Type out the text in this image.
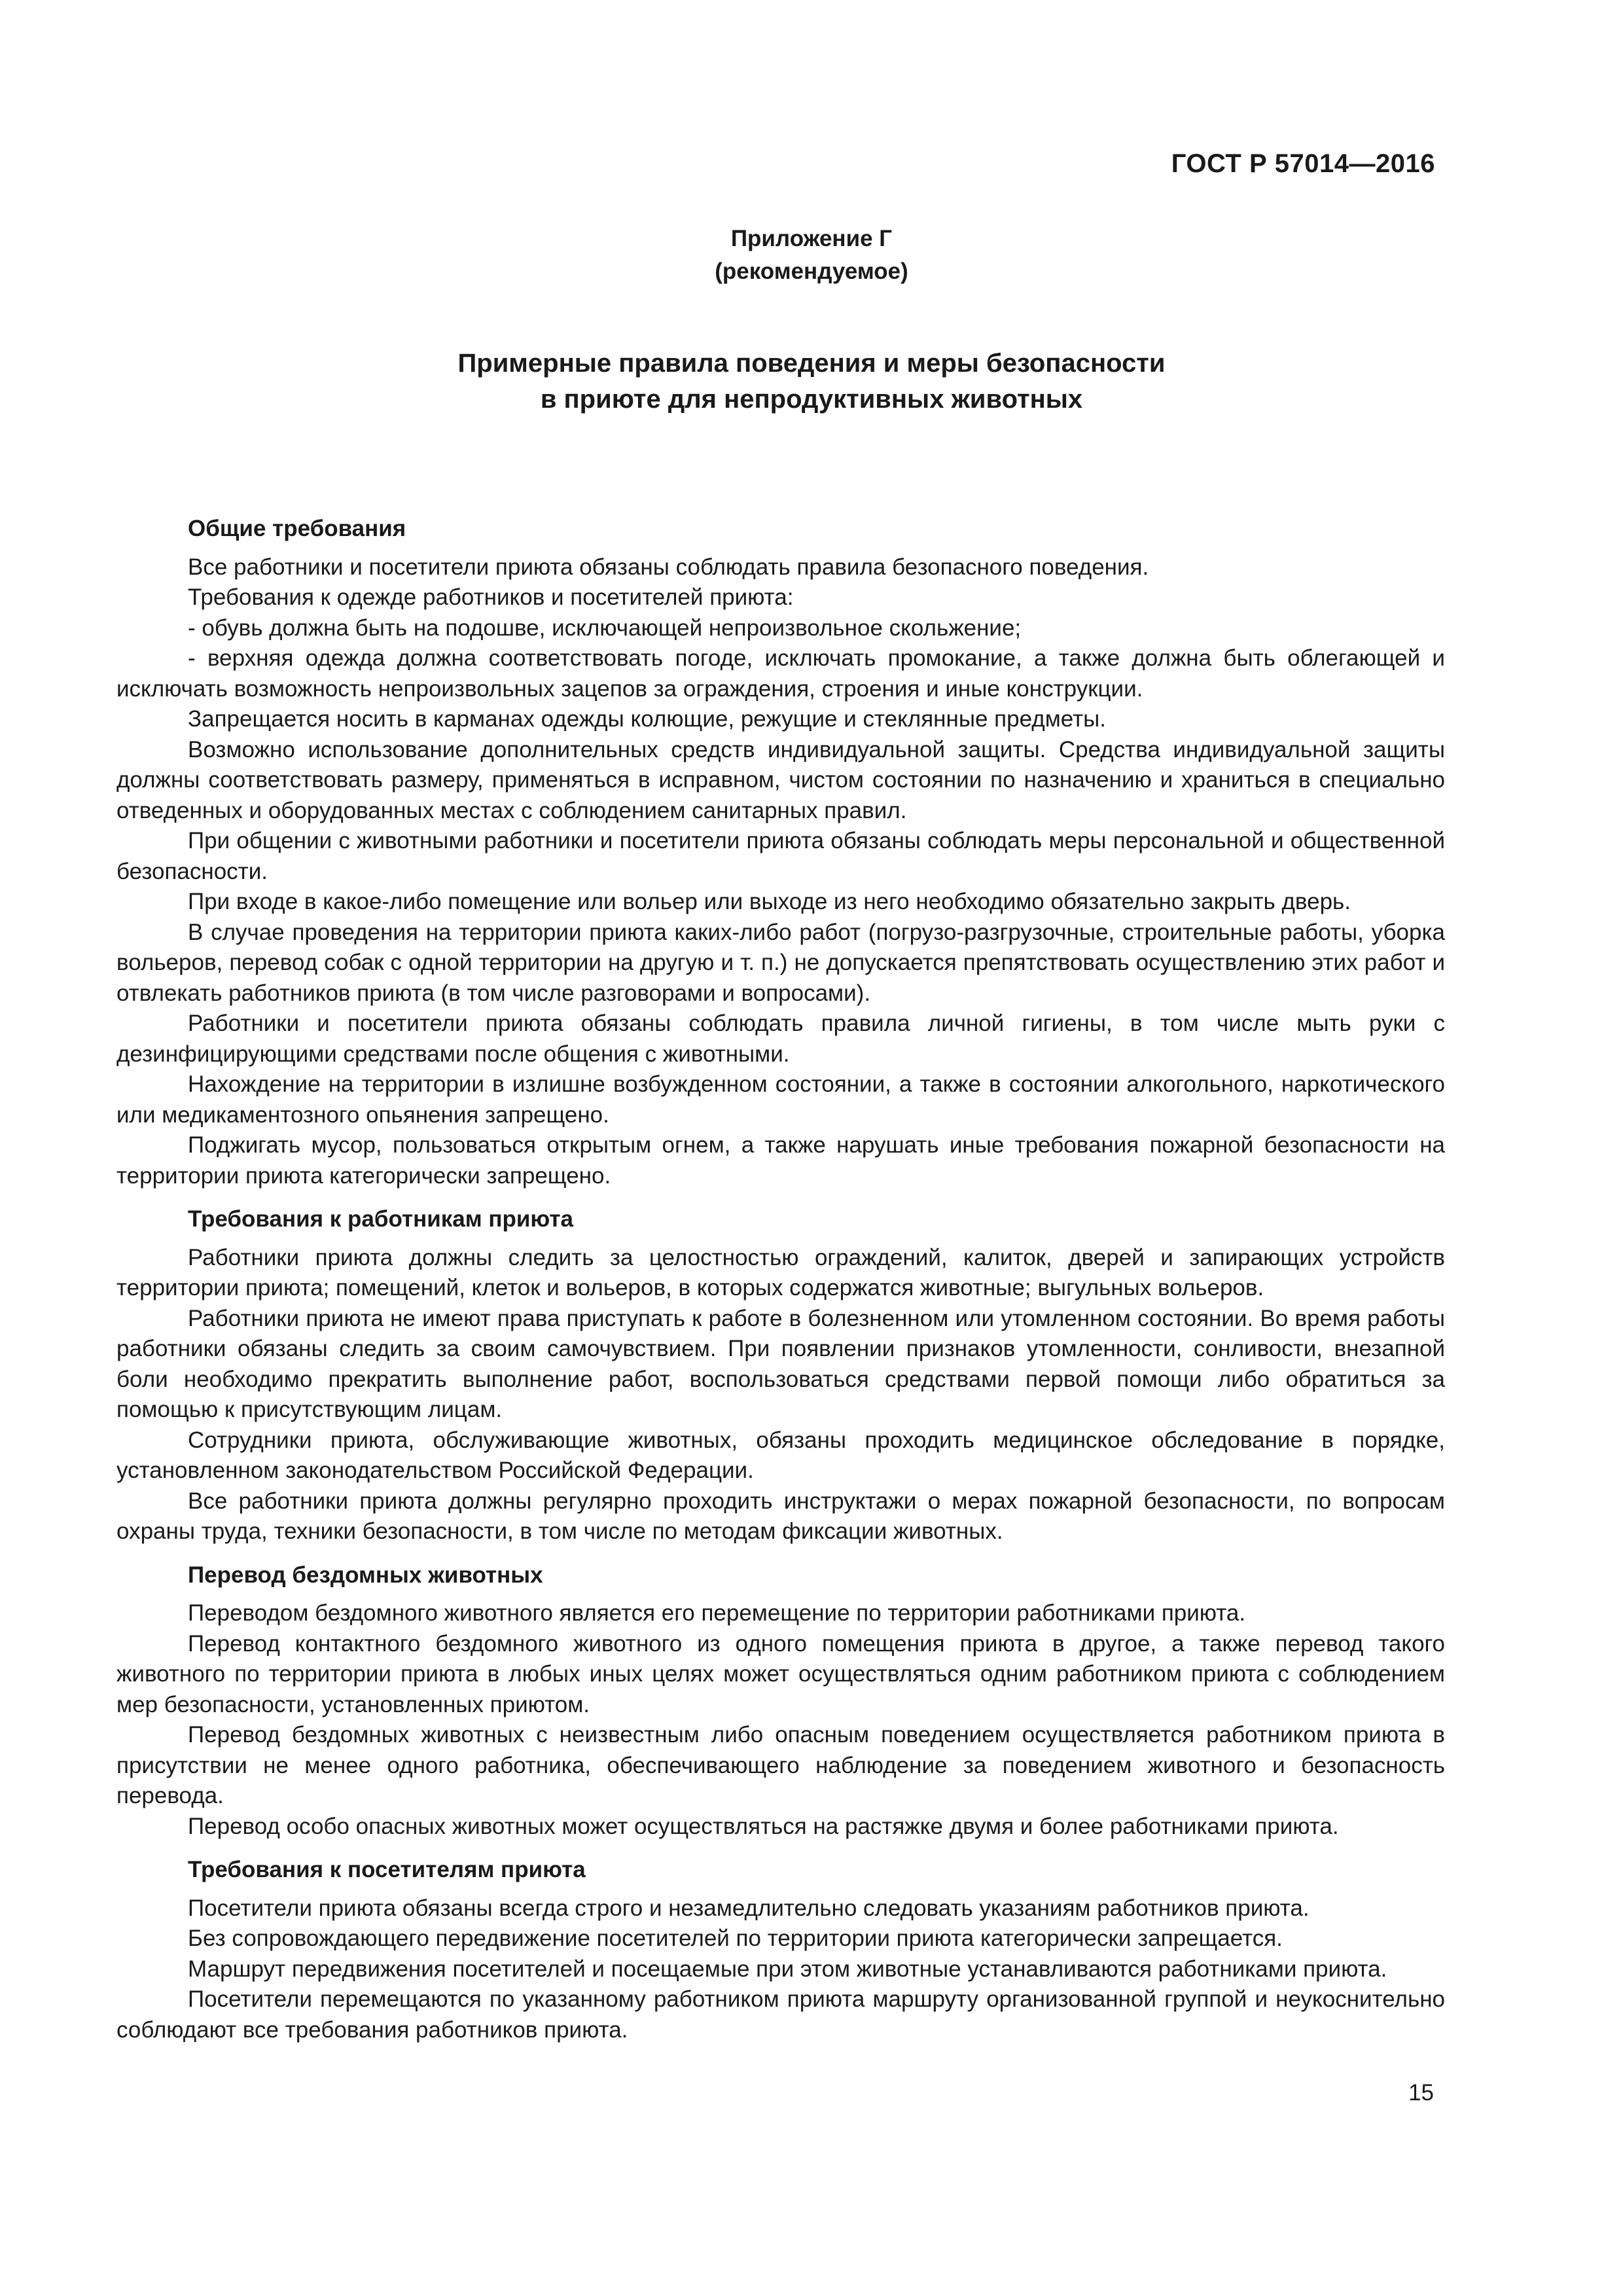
ГОСТ Р 57014—2016
Приложение Г
(рекомендуемое)
Примерные правила поведения и меры безопасности
в приюте для непродуктивных животных

Общие требования

Все работники и посетители приюта обязаны соблюдать правила безопасного поведения.

Требования к одежде работников и посетителей приюта:

- обувь должна быть на подошве, исключающей непроизвольное скольжение;

- верхняя одежда должна соответствовать погоде, исключать промокание, а также должна быть облегающей и исключать возможность непроизвольных зацепов за ограждения, строения и иные конструкции.

Запрещается носить в карманах одежды колющие, режущие и стеклянные предметы.

Возможно использование дополнительных средств индивидуальной защиты. Средства индивидуальной защиты должны соответствовать размеру, применяться в исправном, чистом состоянии по назначению и храниться в специально отведенных и оборудованных местах с соблюдением санитарных правил.

При общении с животными работники и посетители приюта обязаны соблюдать меры персональной и общественной безопасности.

При входе в какое-либо помещение или вольер или выходе из него необходимо обязательно закрыть дверь.

В случае проведения на территории приюта каких-либо работ (погрузо-разгрузочные, строительные работы, уборка вольеров, перевод собак с одной территории на другую и т. п.) не допускается препятствовать осуществлению этих работ и отвлекать работников приюта (в том числе разговорами и вопросами).

Работники и посетители приюта обязаны соблюдать правила личной гигиены, в том числе мыть руки с дезинфицирующими средствами после общения с животными.

Нахождение на территории в излишне возбужденном состоянии, а также в состоянии алкогольного, наркотического или медикаментозного опьянения запрещено.

Поджигать мусор, пользоваться открытым огнем, а также нарушать иные требования пожарной безопасности на территории приюта категорически запрещено.

Требования к работникам приюта

Работники приюта должны следить за целостностью ограждений, калиток, дверей и запирающих устройств территории приюта; помещений, клеток и вольеров, в которых содержатся животные; выгульных вольеров.

Работники приюта не имеют права приступать к работе в болезненном или утомленном состоянии. Во время работы работники обязаны следить за своим самочувствием. При появлении признаков утомленности, сонливости, внезапной боли необходимо прекратить выполнение работ, воспользоваться средствами первой помощи либо обратиться за помощью к присутствующим лицам.

Сотрудники приюта, обслуживающие животных, обязаны проходить медицинское обследование в порядке, установленном законодательством Российской Федерации.

Все работники приюта должны регулярно проходить инструктажи о мерах пожарной безопасности, по вопросам охраны труда, техники безопасности, в том числе по методам фиксации животных.

Перевод бездомных животных

Переводом бездомного животного является его перемещение по территории работниками приюта.

Перевод контактного бездомного животного из одного помещения приюта в другое, а также перевод такого животного по территории приюта в любых иных целях может осуществляться одним работником приюта с соблюдением мер безопасности, установленных приютом.

Перевод бездомных животных с неизвестным либо опасным поведением осуществляется работником приюта в присутствии не менее одного работника, обеспечивающего наблюдение за поведением животного и безопасность перевода.

Перевод особо опасных животных может осуществляться на растяжке двумя и более работниками приюта.

Требования к посетителям приюта

Посетители приюта обязаны всегда строго и незамедлительно следовать указаниям работников приюта.

Без сопровождающего передвижение посетителей по территории приюта категорически запрещается.

Маршрут передвижения посетителей и посещаемые при этом животные устанавливаются работниками приюта.

Посетители перемещаются по указанному работником приюта маршруту организованной группой и неукоснительно соблюдают все требования работников приюта.

15
